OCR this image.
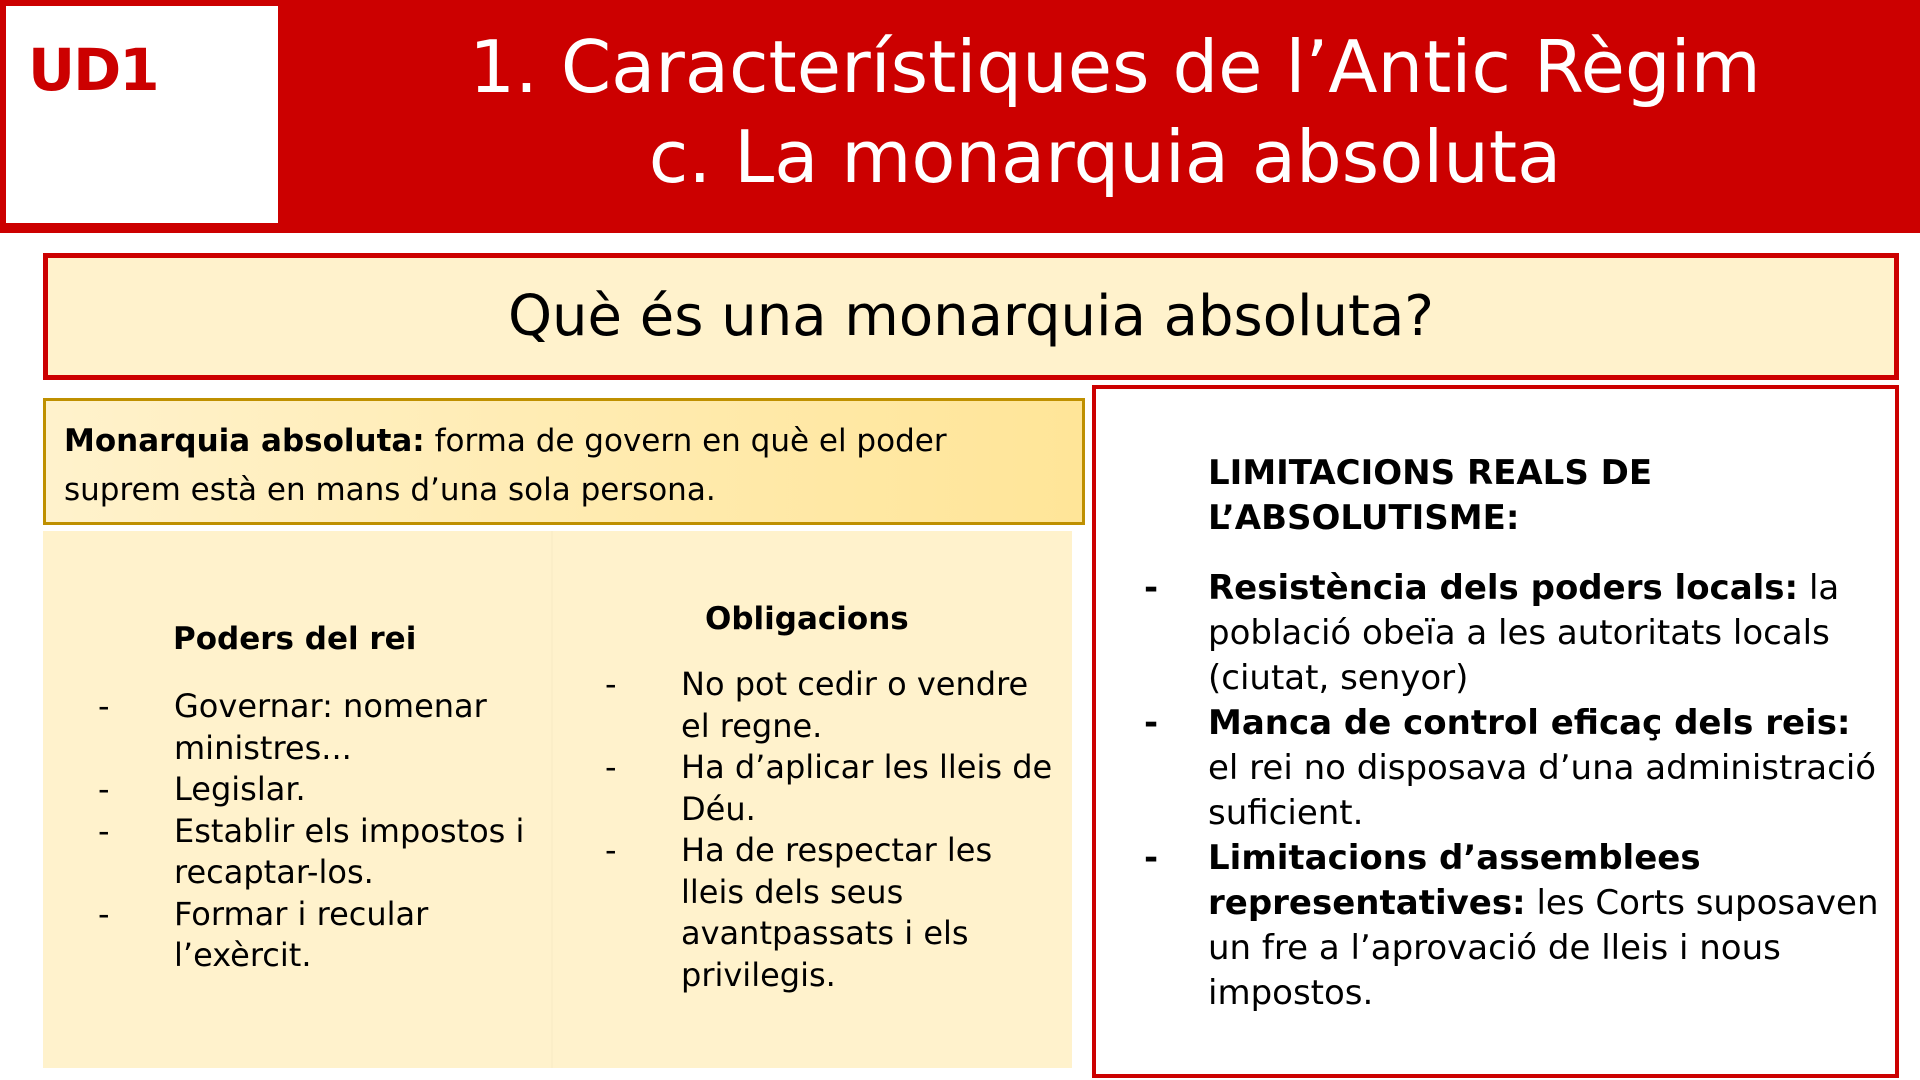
UD1	1. Característiques de l’Antic Règim
c. La monarquia absoluta
Què és una monarquia absoluta?
Monarquia absoluta: forma de govern en què el poder suprem està en mans d’una sola persona.
Poders del rei
-	Governar: nomenar ministres...
-	Legislar.
-	Establir els impostos i recaptar-los.
-	Formar i recular l’exèrcit.
Obligacions
-	No pot cedir o vendre el regne.
-	Ha d’aplicar les lleis de Déu.
-	Ha de respectar les lleis dels seus avantpassats i els privilegis.
LIMITACIONS REALS DE L’ABSOLUTISME:
- Resistència dels poders locals: la població obeïa a les autoritats locals (ciutat, senyor)
- Manca de control eficaç dels reis: el rei no disposava d’una administració suficient.
- Limitacions d’assemblees representatives: les Corts suposaven un fre a l’aprovació de lleis i nous impostos.
